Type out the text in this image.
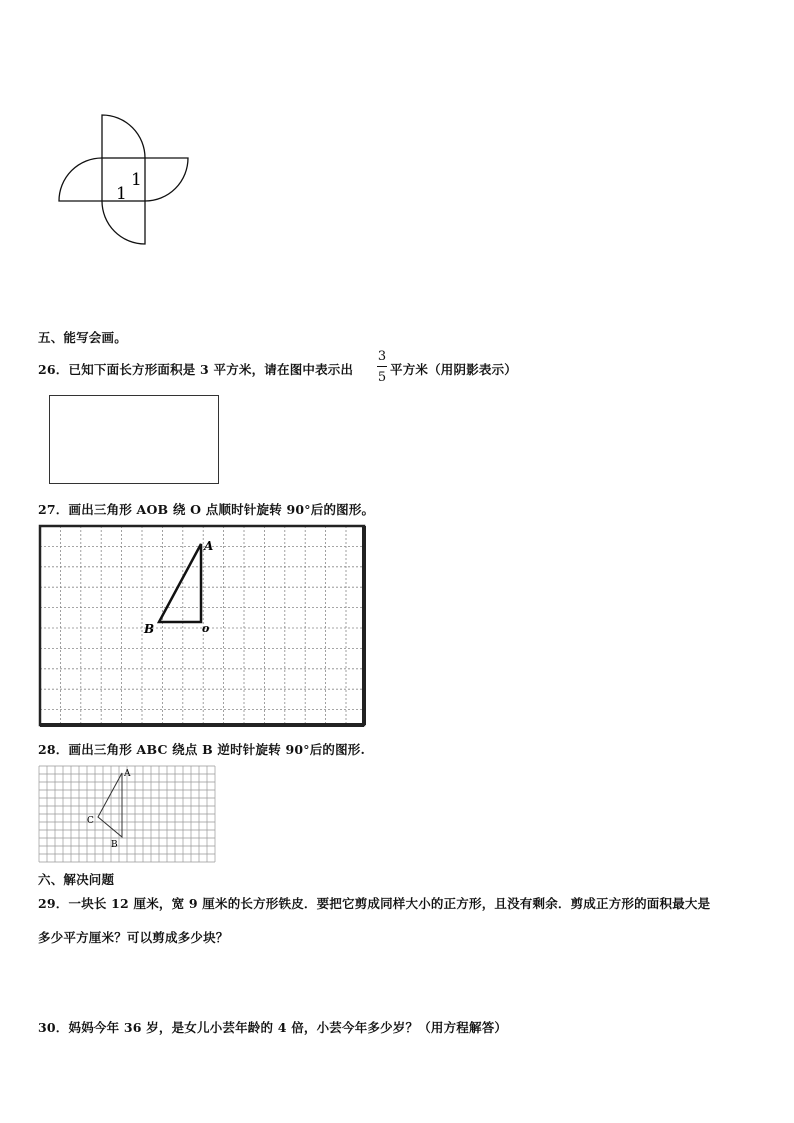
1
1
五、能写会画。
26．已知下面长方形面积是 3 平方米，请在图中表示出
3
5
平方米（用阴影表示）
27．画出三角形 AOB 绕 O 点顺时针旋转 90°后的图形。
A
B	o
28．画出三角形 ABC 绕点 B 逆时针旋转 90°后的图形.
A
C
B
六、解决问题
29．一块长 12 厘米，宽 9 厘米的长方形铁皮．要把它剪成同样大小的正方形，且没有剩余．剪成正方形的面积最大是
多少平方厘米？可以剪成多少块？
30．妈妈今年 36 岁，是女儿小芸年龄的 4 倍，小芸今年多少岁？（用方程解答）
